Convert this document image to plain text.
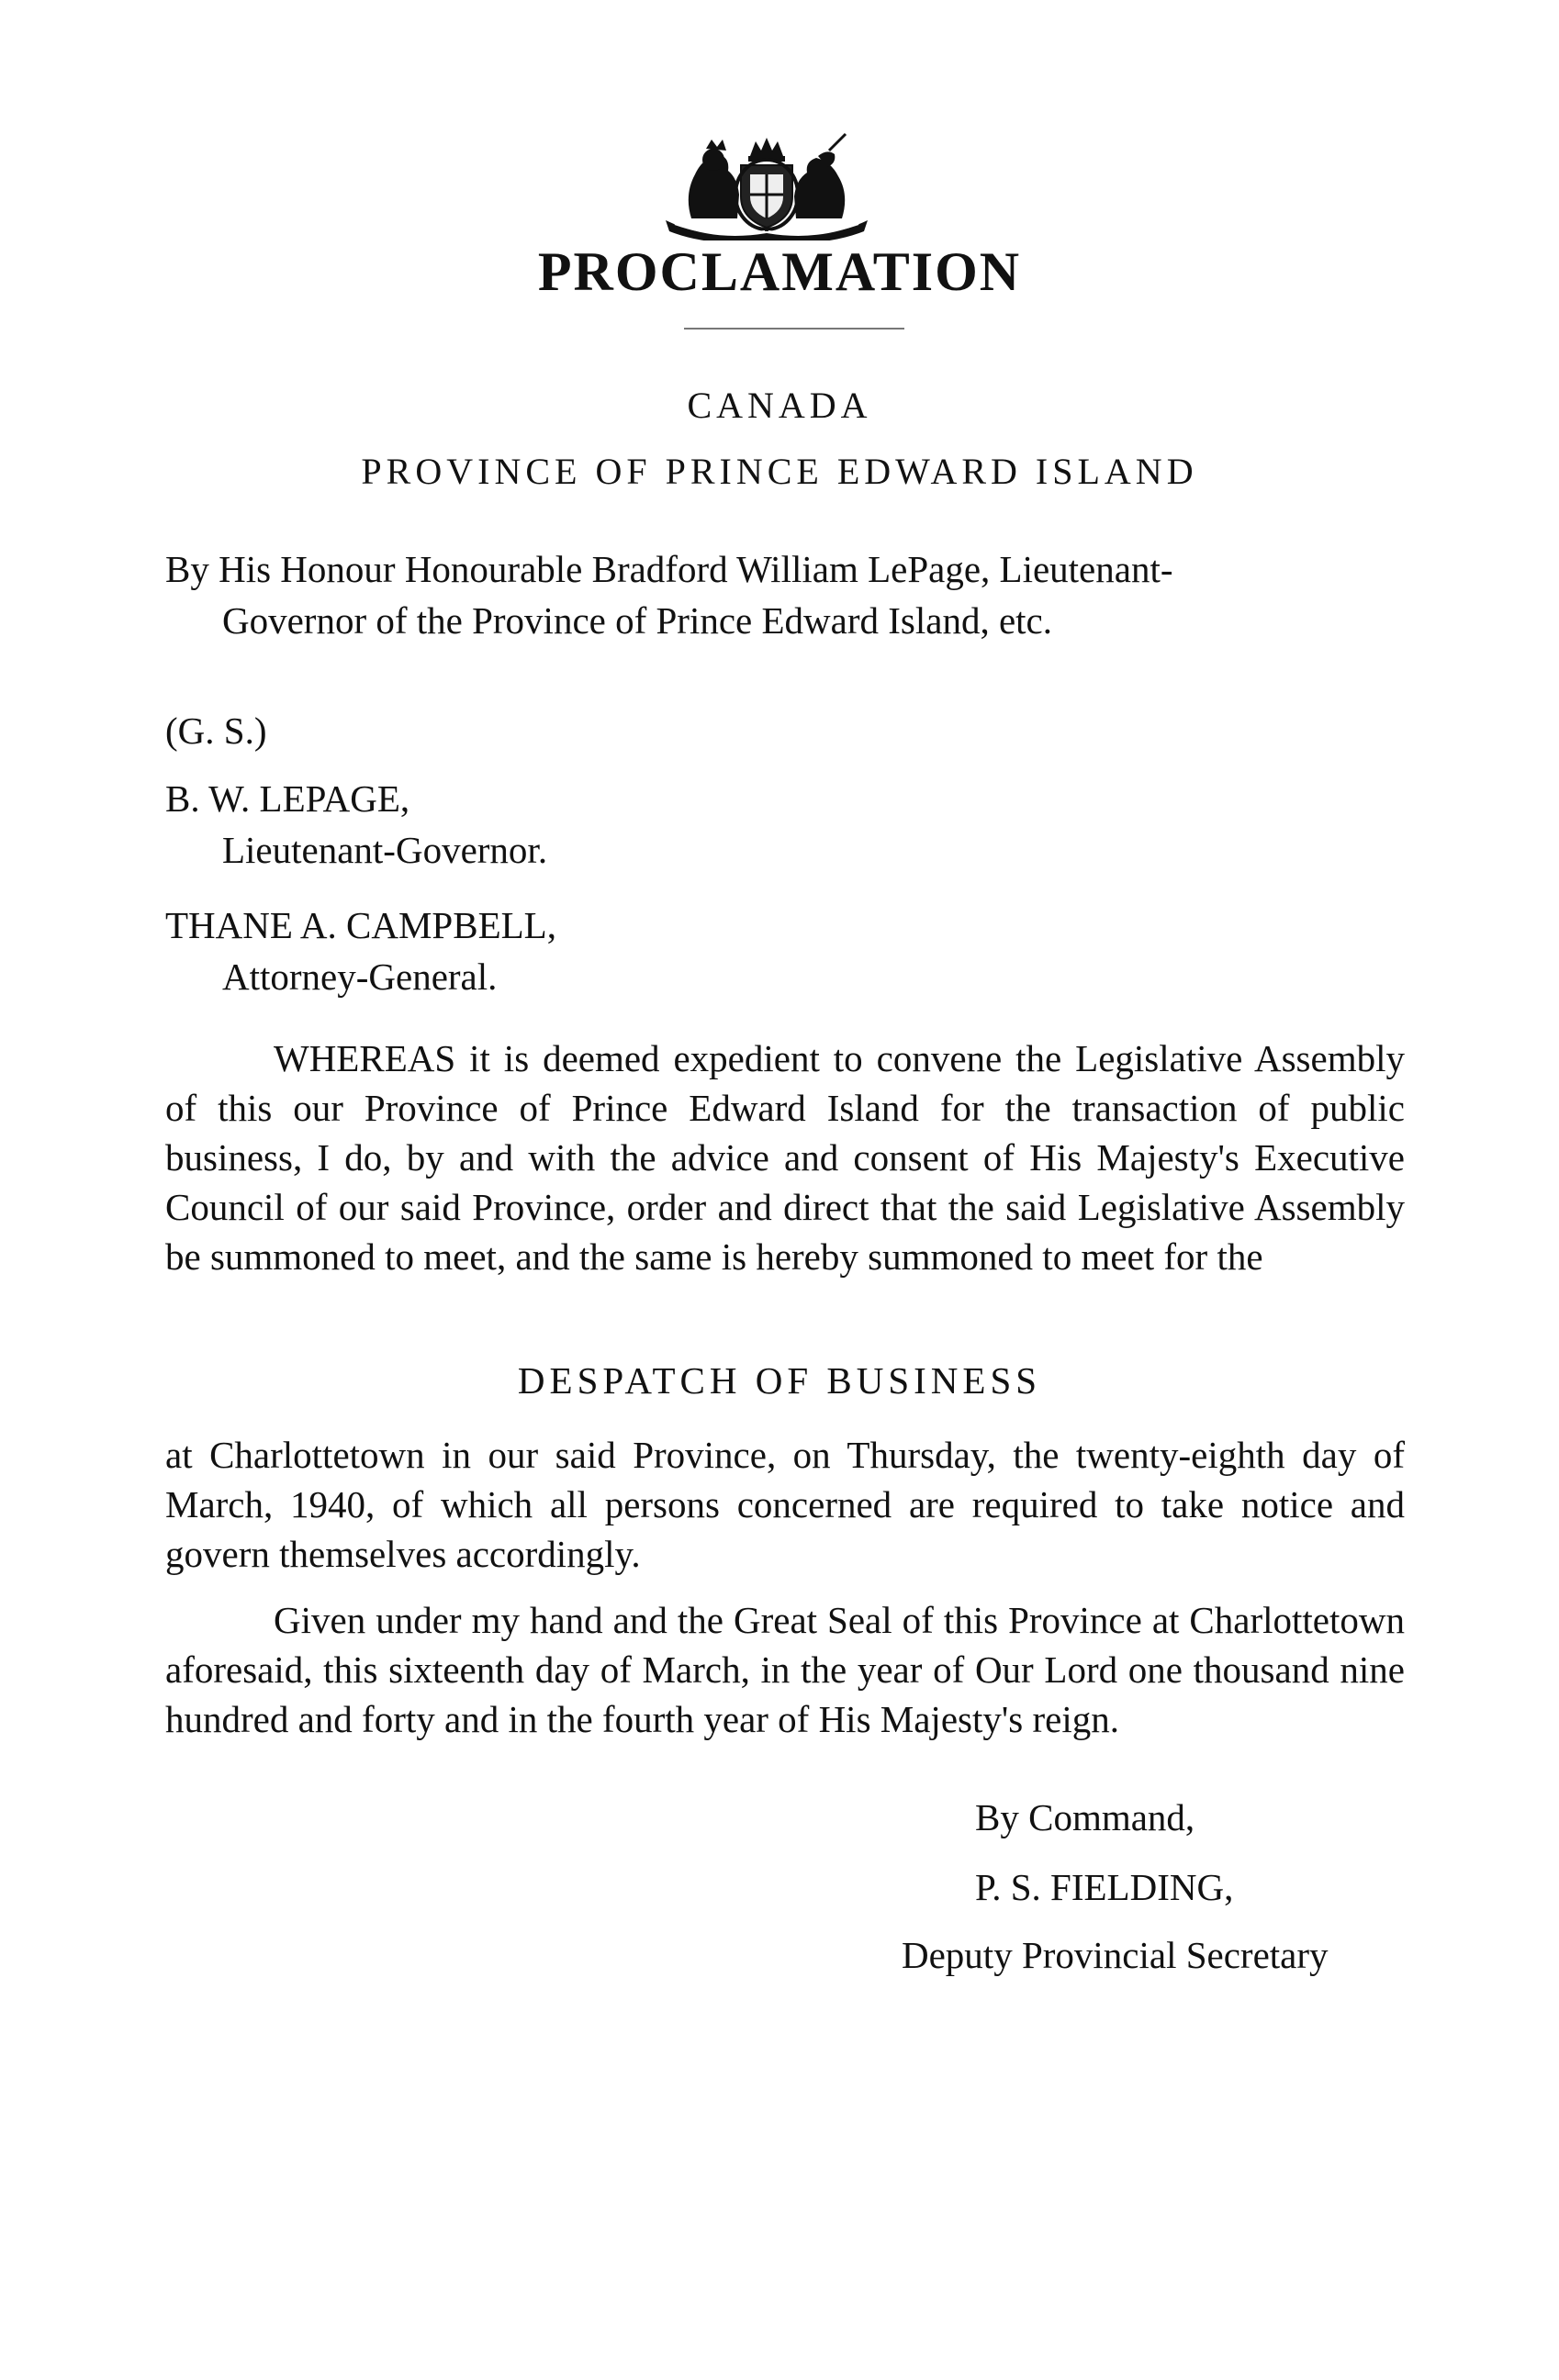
PROCLAMATION
CANADA
PROVINCE OF PRINCE EDWARD ISLAND
By His Honour Honourable Bradford William LePage, Lieutenant-
Governor of the Province of Prince Edward Island, etc.
(G. S.)
B. W. LEPAGE,
Lieutenant-Governor.
THANE A. CAMPBELL,
Attorney-General.

WHEREAS it is deemed expedient to convene the Legislative Assembly of this our Province of Prince Edward Island for the transaction of public business, I do, by and with the advice and consent of His Majesty's Executive Council of our said Province, order and direct that the said Legislative Assembly be summoned to meet, and the same is hereby summoned to meet for the

DESPATCH OF BUSINESS

at Charlottetown in our said Province, on Thursday, the twenty-eighth day of March, 1940, of which all persons concerned are required to take notice and govern themselves accordingly.

Given under my hand and the Great Seal of this Province at Charlottetown aforesaid, this sixteenth day of March, in the year of Our Lord one thousand nine hundred and forty and in the fourth year of His Majesty's reign.

By Command,
P. S. FIELDING,
Deputy Provincial Secretary
